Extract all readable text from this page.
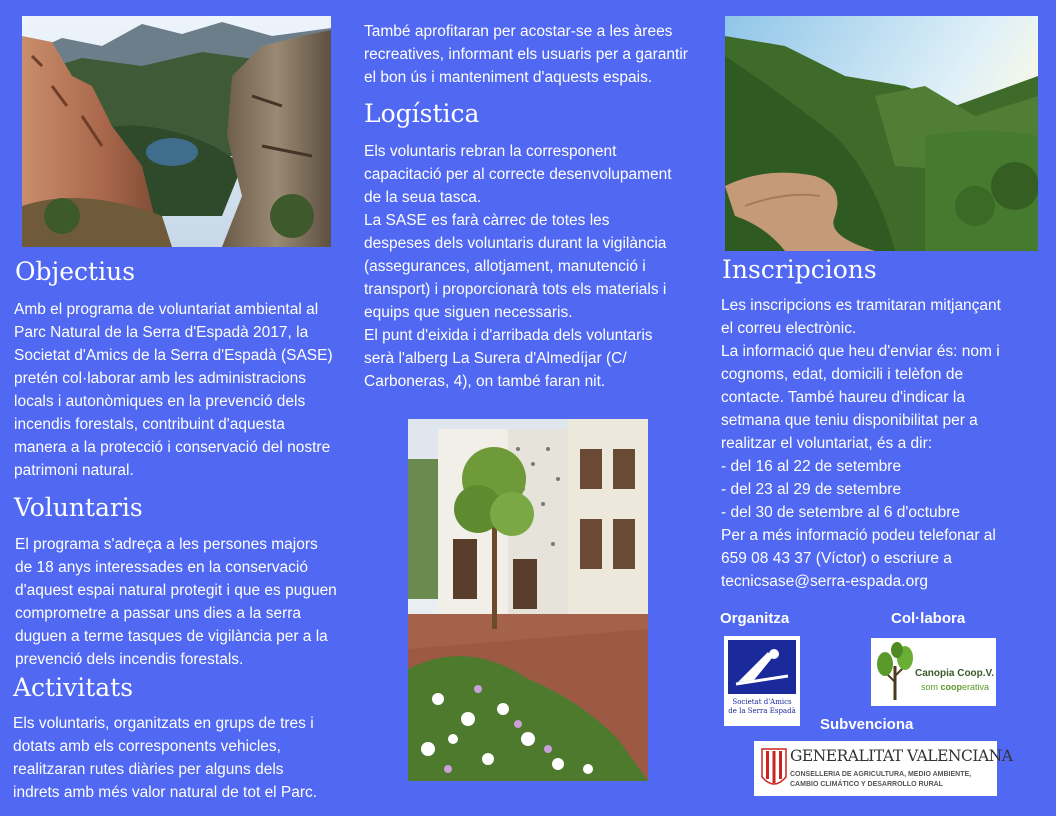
Objectius

Amb el programa de voluntariat ambiental al
Parc Natural de la Serra d'Espadà 2017, la
Societat d'Amics de la Serra d'Espadà (SASE)
pretén col·laborar amb les administracions
locals i autonòmiques en la prevenció dels
incendis forestals, contribuint d'aquesta
manera a la protecció i conservació del nostre
patrimoni natural.

Voluntaris

El programa s'adreça a les persones majors
de 18 anys interessades en la conservació
d'aquest espai natural protegit i que es puguen
comprometre a passar uns dies a la serra
duguen a terme tasques de vigilància per a la
prevenció dels incendis forestals.

Activitats

Els voluntaris, organitzats en grups de tres i
dotats amb els corresponents vehicles,
realitzaran rutes diàries per alguns dels
indrets amb més valor natural de tot el Parc.

També aprofitaran per acostar-se a les àrees
recreatives, informant els usuaris per a garantir
el bon ús i manteniment d'aquests espais.

Logística

Els voluntaris rebran la corresponent
capacitació per al correcte desenvolupament
de la seua tasca.
La SASE es farà càrrec de totes les
despeses dels voluntaris durant la vigilància
(assegurances, allotjament, manutenció i
transport) i proporcionarà tots els materials i
equips que siguen necessaris.
El punt d'eixida i d'arribada dels voluntaris
serà l'alberg La Surera d'Almedíjar (C/
Carboneras, 4), on també faran nit.

Inscripcions

Les inscripcions es tramitaran mitjançant
el correu electrònic.
La informació que heu d'enviar és: nom i
cognoms, edat, domicili i telèfon de
contacte. També haureu d'indicar la
setmana que teniu disponibilitat per a
realitzar el voluntariat, és a dir:
- del 16 al 22 de setembre
- del 23 al 29 de setembre
- del 30 de setembre al 6 d'octubre
Per a més informació podeu telefonar al
659 08 43 37 (Víctor) o escriure a
tecnicsase@serra-espada.org

Organitza	Col·labora
Subvenciona
Societat d'Amics
de la Serra Espadà
Canopia Coop.V.
som cooperativa
GENERALITAT VALENCIANA
CONSELLERIA DE AGRICULTURA, MEDIO AMBIENTE,
CAMBIO CLIMÁTICO Y DESARROLLO RURAL
